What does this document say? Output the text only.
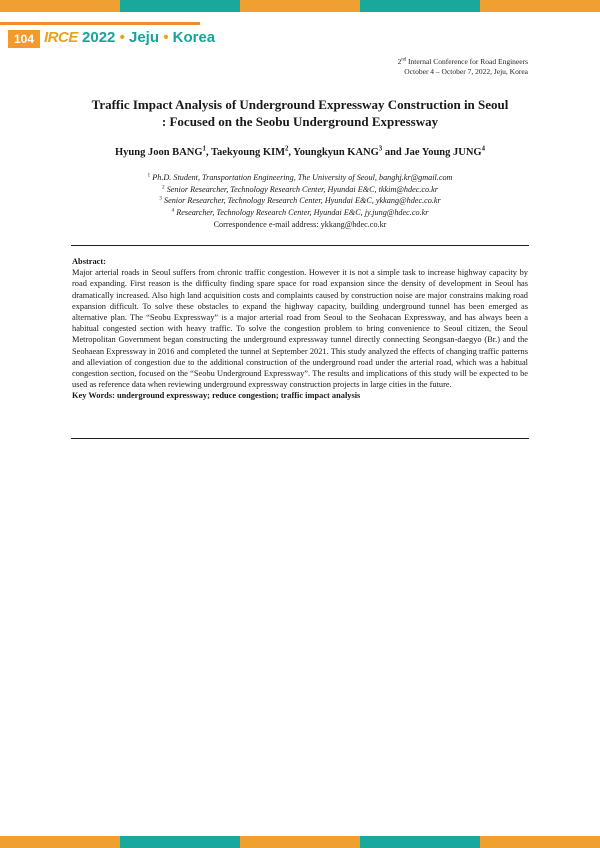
104 IRCE 2022 • Jeju • Korea
2nd Internal Conference for Road Engineers
October 4 – October 7, 2022, Jeju, Korea
Traffic Impact Analysis of Underground Expressway Construction in Seoul
: Focused on the Seobu Underground Expressway
Hyung Joon BANG$^1$, Taekyoung KIM$^2$, Youngkyun KANG$^3$ and Jae Young JUNG$^4$
$^1$ Ph.D. Student, Transportation Engineering, The University of Seoul, banghj.kr@gmail.com
$^2$ Senior Researcher, Technology Research Center, Hyundai E&C, tkkim@hdec.co.kr
$^3$ Senior Researcher, Technology Research Center, Hyundai E&C, ykkang@hdec.co.kr
$^4$ Researcher, Technology Research Center, Hyundai E&C, jy.jung@hdec.co.kr
Correspondence e-mail address: ykkang@hdec.co.kr
Abstract:
Major arterial roads in Seoul suffers from chronic traffic congestion. However it is not a simple task to increase highway capacity by road expanding. First reason is the difficulty finding spare space for road expansion since the density of development in Seoul has dramatically increased. Also high land acquisition costs and complaints caused by construction noise are major constrains making road expansion difficult. To solve these obstacles to expand the highway capacity, building underground tunnel has been emerged as alternative plan. The “Seobu Expressway” is a major arterial road from Seoul to the Seohacan Expressway, and has always been a habitual congested section with heavy traffic. To solve the congestion problem to bring convenience to Seoul citizen, the Seoul Metropolitan Government began constructing the underground expressway tunnel directly connecting Seongsan-daegyo (Br.) and the Seohaean Expressway in 2016 and completed the tunnel at September 2021. This study analyzed the effects of changing traffic patterns and alleviation of congestion due to the additional construction of the underground road under the arterial road, which was a habitual congestion section, focused on the “Seobu Underground Expressway”. The results and implications of this study will be expected to be used as reference data when reviewing underground expressway construction projects in large cities in the future.
Key Words: underground expressway; reduce congestion; traffic impact analysis
